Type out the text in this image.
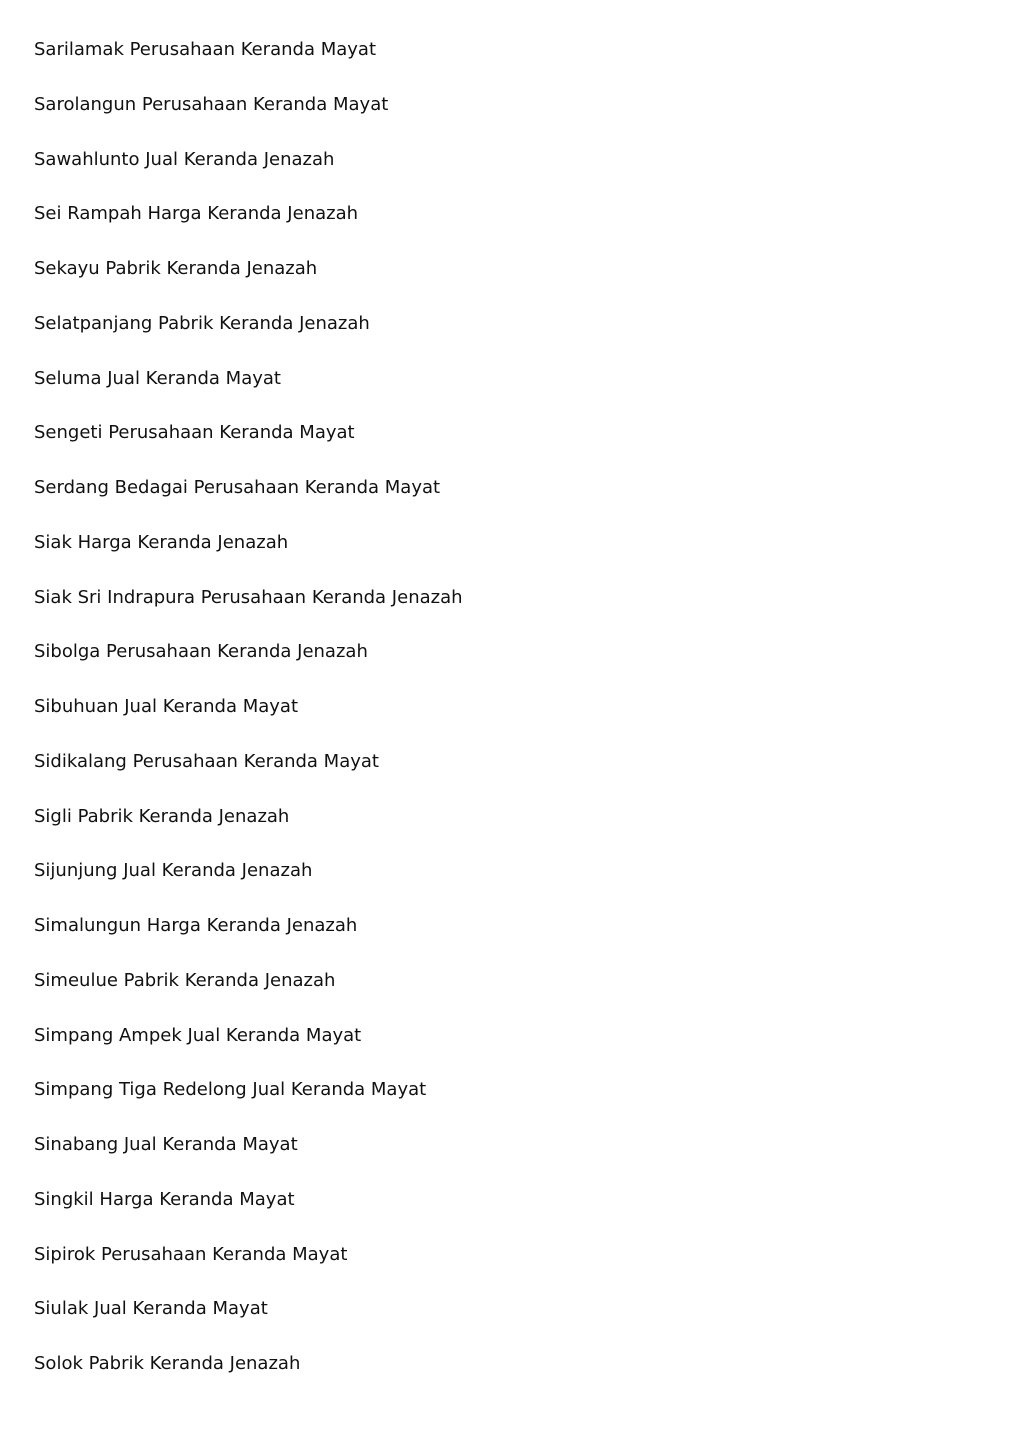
Sarilamak Perusahaan Keranda Mayat
Sarolangun Perusahaan Keranda Mayat
Sawahlunto Jual Keranda Jenazah
Sei Rampah Harga Keranda Jenazah
Sekayu Pabrik Keranda Jenazah
Selatpanjang Pabrik Keranda Jenazah
Seluma Jual Keranda Mayat
Sengeti Perusahaan Keranda Mayat
Serdang Bedagai Perusahaan Keranda Mayat
Siak Harga Keranda Jenazah
Siak Sri Indrapura Perusahaan Keranda Jenazah
Sibolga Perusahaan Keranda Jenazah
Sibuhuan Jual Keranda Mayat
Sidikalang Perusahaan Keranda Mayat
Sigli Pabrik Keranda Jenazah
Sijunjung Jual Keranda Jenazah
Simalungun Harga Keranda Jenazah
Simeulue Pabrik Keranda Jenazah
Simpang Ampek Jual Keranda Mayat
Simpang Tiga Redelong Jual Keranda Mayat
Sinabang Jual Keranda Mayat
Singkil Harga Keranda Mayat
Sipirok Perusahaan Keranda Mayat
Siulak Jual Keranda Mayat
Solok Pabrik Keranda Jenazah
